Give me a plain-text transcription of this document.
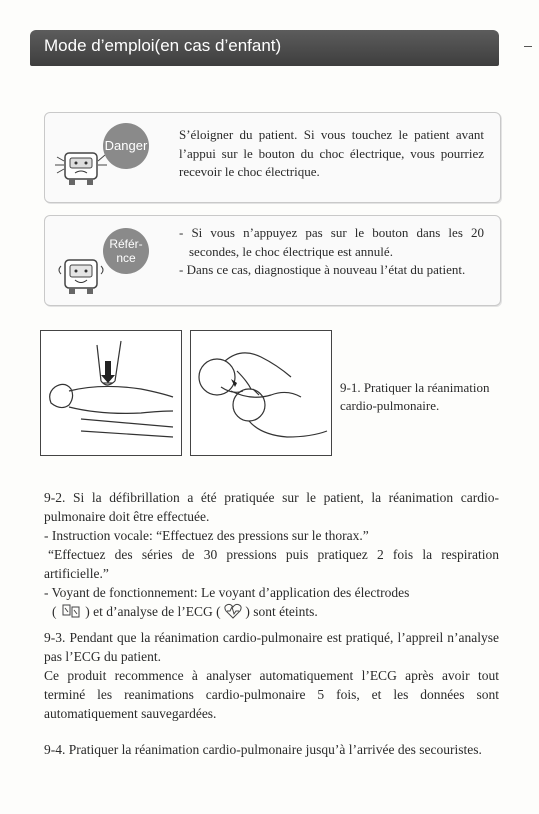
Mode d’emploi(en cas d’enfant)
Danger
S’éloigner du patient. Si vous touchez le patient avant l’appui sur le bouton du choc électrique, vous pourriez recevoir le choc électrique.
Référ-
nce
- Si vous n’appuyez pas sur le bouton dans les 20 secondes, le choc électrique est annulé.
- Dans ce cas, diagnostique à nouveau l’état du patient.
9-1. Pratiquer la réanimation cardio-pulmonaire.

9-2. Si la défibrillation a été pratiquée sur le patient, la réanimation cardio-pulmonaire doit être effectuée.

- Instruction vocale: “Effectuez des pressions sur le thorax.”

“Effectuez des séries de 30 pressions puis pratiquez 2 fois la respiration artificielle.”

- Voyant de fonctionnement: Le voyant d’application des électrodes

( ) et d’analyse de l’ECG ( ) sont éteints.

9-3. Pendant que la réanimation cardio-pulmonaire est pratiqué, l’appreil n’analyse pas l’ECG du patient.

Ce produit recommence à analyser automatiquement l’ECG après avoir tout terminé les reanimations cardio-pulmonaire 5 fois, et les données sont automatiquement sauvegardées.

9-4. Pratiquer la réanimation cardio-pulmonaire jusqu’à l’arrivée des secouristes.
